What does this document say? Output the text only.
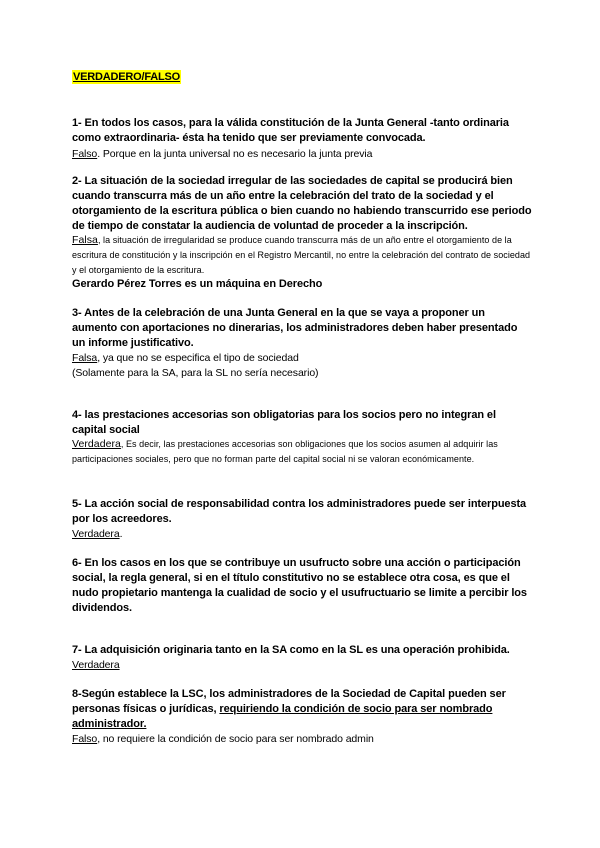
VERDADERO/FALSO
1- En todos los casos, para la válida constitución de la Junta General -tanto ordinaria como extraordinaria- ésta ha tenido que ser previamente convocada.
Falso. Porque en la junta universal no es necesario la junta previa
2- La situación de la sociedad irregular de las sociedades de capital se producirá bien cuando transcurra más de un año entre la celebración del trato de la sociedad y el otorgamiento de la escritura pública o bien cuando no habiendo transcurrido ese periodo de tiempo de constatar la audiencia de voluntad de proceder a la inscripción.
Falsa, la situación de irregularidad se produce cuando transcurra más de un año entre el otorgamiento de la escritura de constitución y la inscripción en el Registro Mercantil, no entre la celebración del contrato de sociedad y el otorgamiento de la escritura.
Gerardo Pérez Torres es un máquina en Derecho
3- Antes de la celebración de una Junta General en la que se vaya a proponer un aumento con aportaciones no dinerarias, los administradores deben haber presentado un informe justificativo.
Falsa, ya que no se especifica el tipo de sociedad
(Solamente para la SA, para la SL no sería necesario)
4- las prestaciones accesorias son obligatorias para los socios pero no integran el capital social
Verdadera, Es decir, las prestaciones accesorias son obligaciones que los socios asumen al adquirir las participaciones sociales, pero que no forman parte del capital social ni se valoran económicamente.
5- La acción social de responsabilidad contra los administradores puede ser interpuesta por los acreedores.
Verdadera.
6- En los casos en los que se contribuye un usufructo sobre una acción o participación social, la regla general, si en el título constitutivo no se establece otra cosa, es que el nudo propietario mantenga la cualidad de socio y el usufructuario se limite a percibir los dividendos.
7- La adquisición originaria tanto en la SA como en la SL es una operación prohibida.
Verdadera
8-Según establece la LSC, los administradores de la Sociedad de Capital pueden ser personas físicas o jurídicas, requiriendo la condición de socio para ser nombrado administrador.
Falso, no requiere la condición de socio para ser nombrado admin
